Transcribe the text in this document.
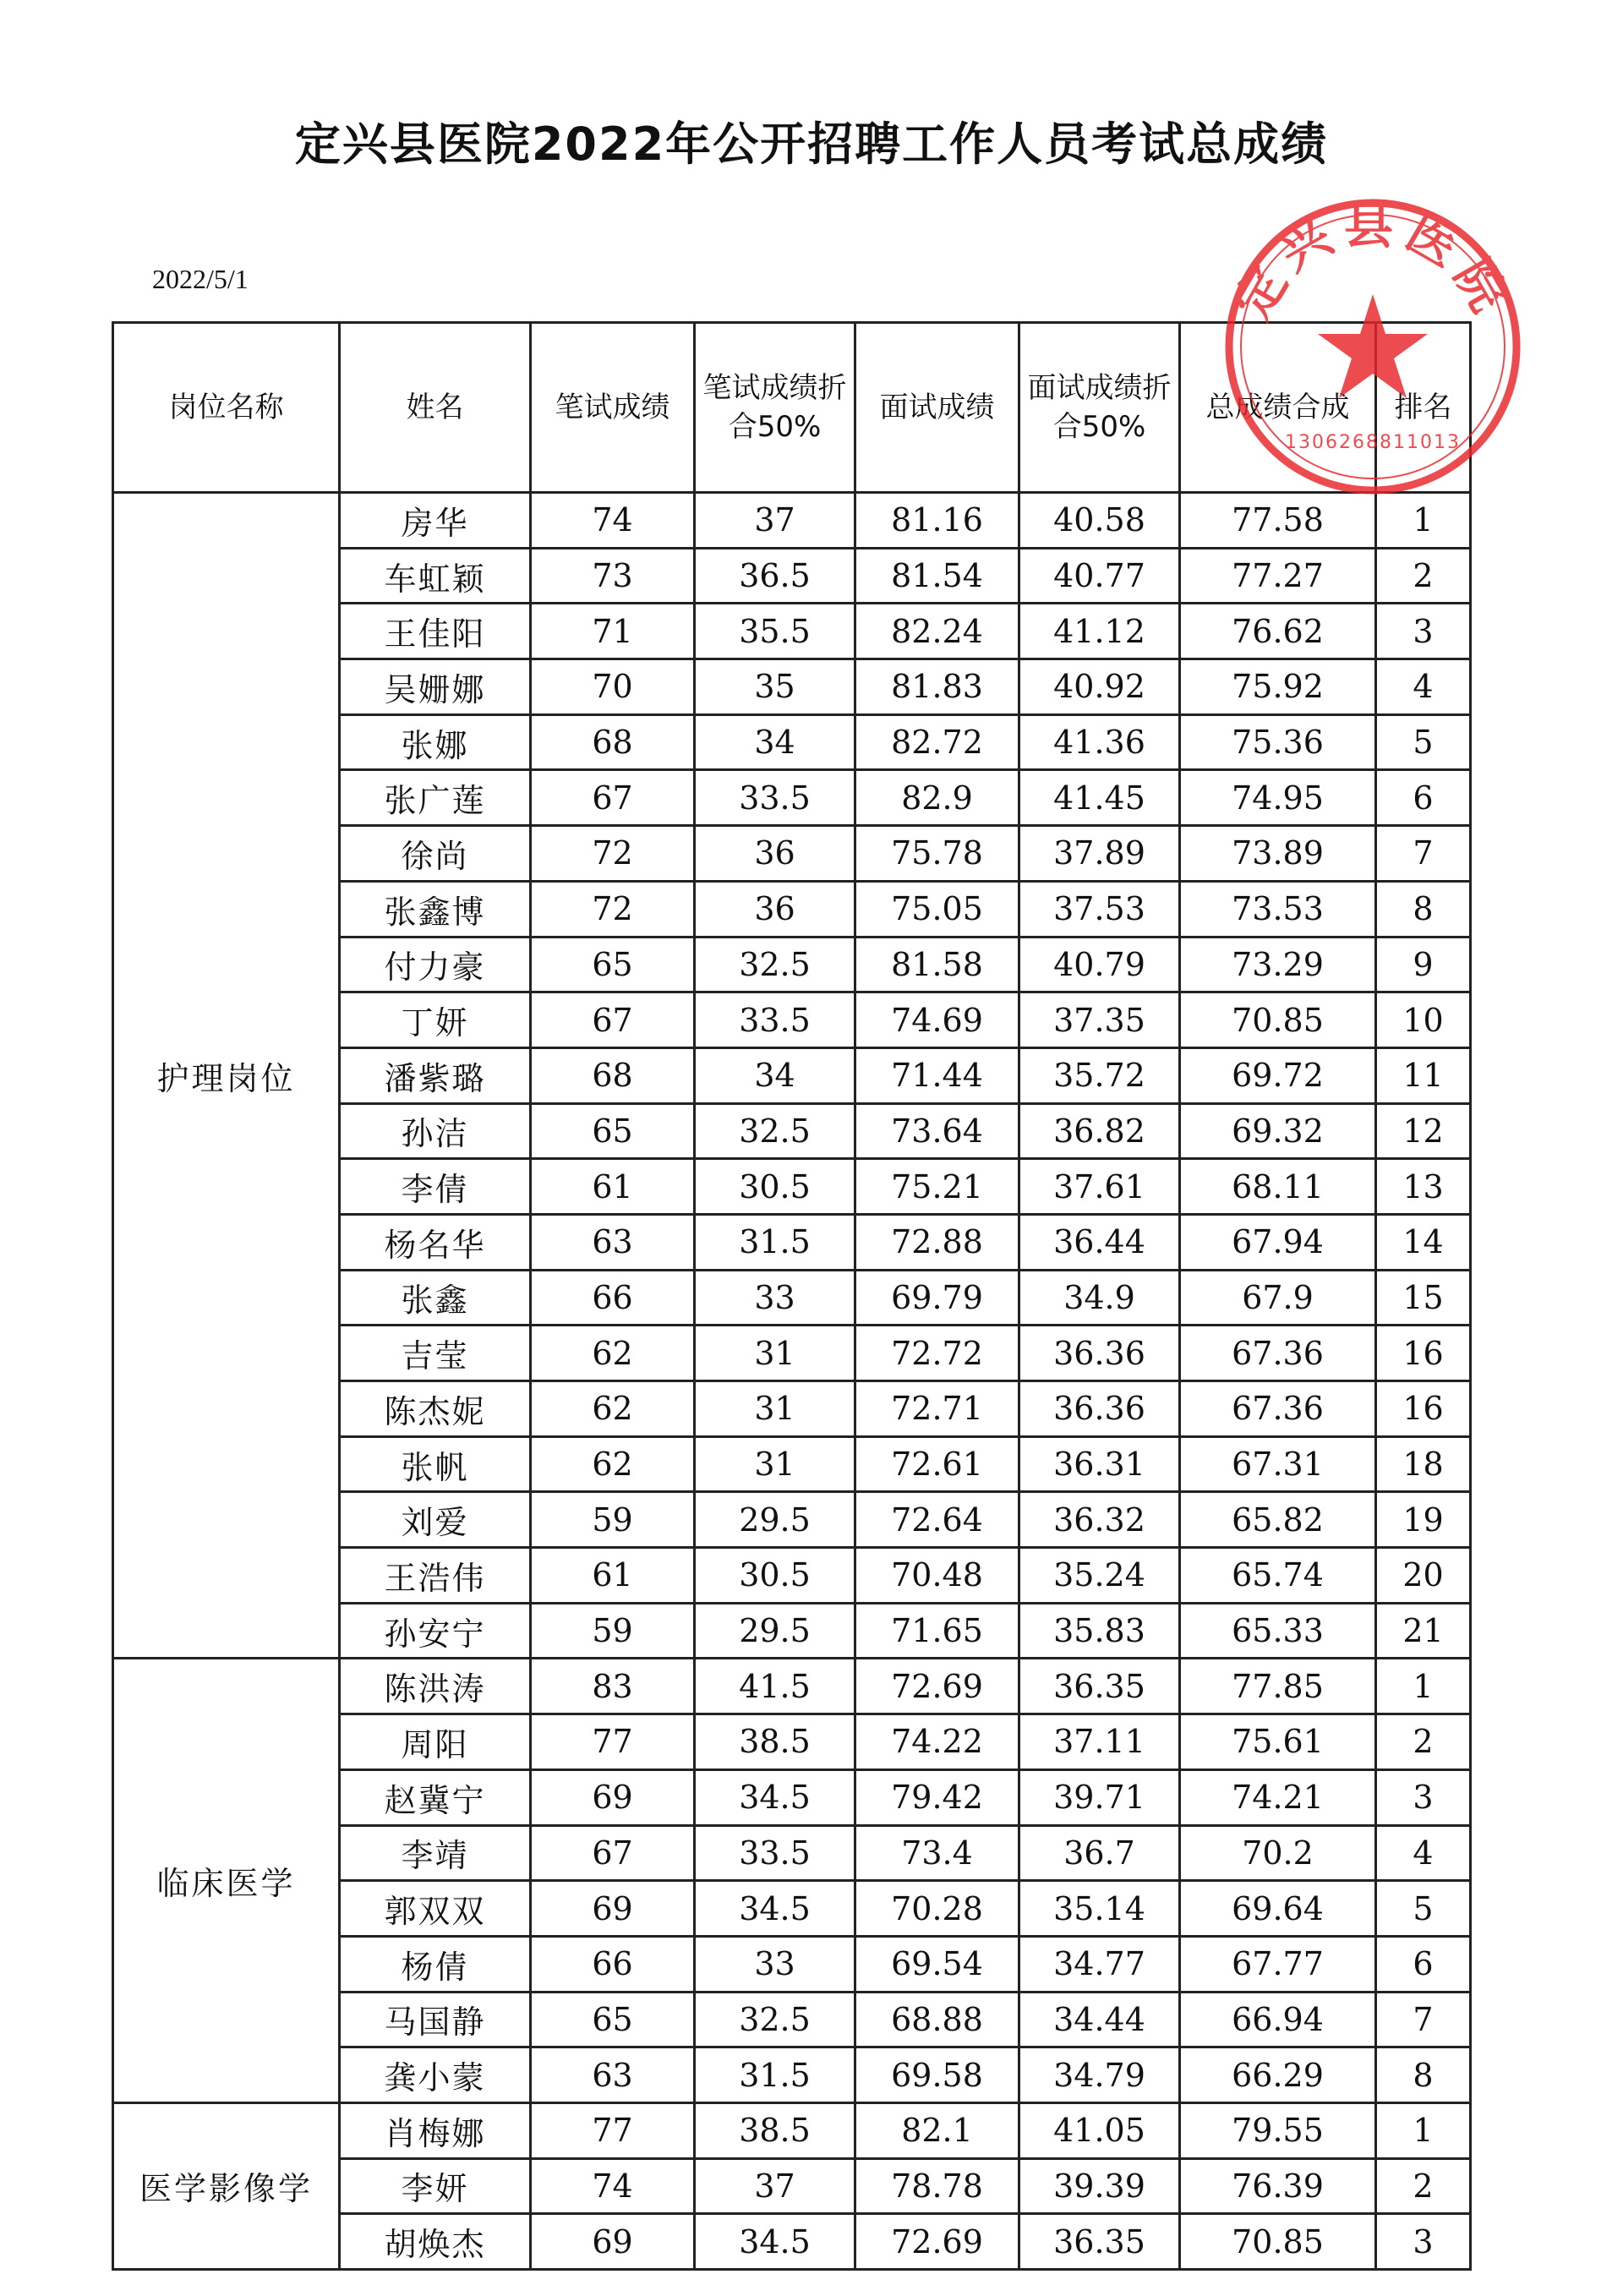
定兴县医院2022年公开招聘工作人员考试总成绩
2022/5/1
岗位名称	姓名	笔试成绩	笔试成绩折合50%	面试成绩	面试成绩折合50%	总成绩合成	排名
护理岗位	房华	74	37	81.16	40.58	77.58	1
	车虹颖	73	36.5	81.54	40.77	77.27	2
	王佳阳	71	35.5	82.24	41.12	76.62	3
	吴姗娜	70	35	81.83	40.92	75.92	4
	张娜	68	34	82.72	41.36	75.36	5
	张广莲	67	33.5	82.9	41.45	74.95	6
	徐尚	72	36	75.78	37.89	73.89	7
	张鑫博	72	36	75.05	37.53	73.53	8
	付力豪	65	32.5	81.58	40.79	73.29	9
	丁妍	67	33.5	74.69	37.35	70.85	10
	潘紫璐	68	34	71.44	35.72	69.72	11
	孙洁	65	32.5	73.64	36.82	69.32	12
	李倩	61	30.5	75.21	37.61	68.11	13
	杨名华	63	31.5	72.88	36.44	67.94	14
	张鑫	66	33	69.79	34.9	67.9	15
	吉莹	62	31	72.72	36.36	67.36	16
	陈杰妮	62	31	72.71	36.36	67.36	16
	张帆	62	31	72.61	36.31	67.31	18
	刘爱	59	29.5	72.64	36.32	65.82	19
	王浩伟	61	30.5	70.48	35.24	65.74	20
	孙安宁	59	29.5	71.65	35.83	65.33	21
临床医学	陈洪涛	83	41.5	72.69	36.35	77.85	1
	周阳	77	38.5	74.22	37.11	75.61	2
	赵冀宁	69	34.5	79.42	39.71	74.21	3
	李靖	67	33.5	73.4	36.7	70.2	4
	郭双双	69	34.5	70.28	35.14	69.64	5
	杨倩	66	33	69.54	34.77	67.77	6
	马国静	65	32.5	68.88	34.44	66.94	7
	龚小蒙	63	31.5	69.58	34.79	66.29	8
医学影像学	肖梅娜	77	38.5	82.1	41.05	79.55	1
	李妍	74	37	78.78	39.39	76.39	2
	胡焕杰	69	34.5	72.69	36.35	70.85	3
定兴县医院
1306268811013
